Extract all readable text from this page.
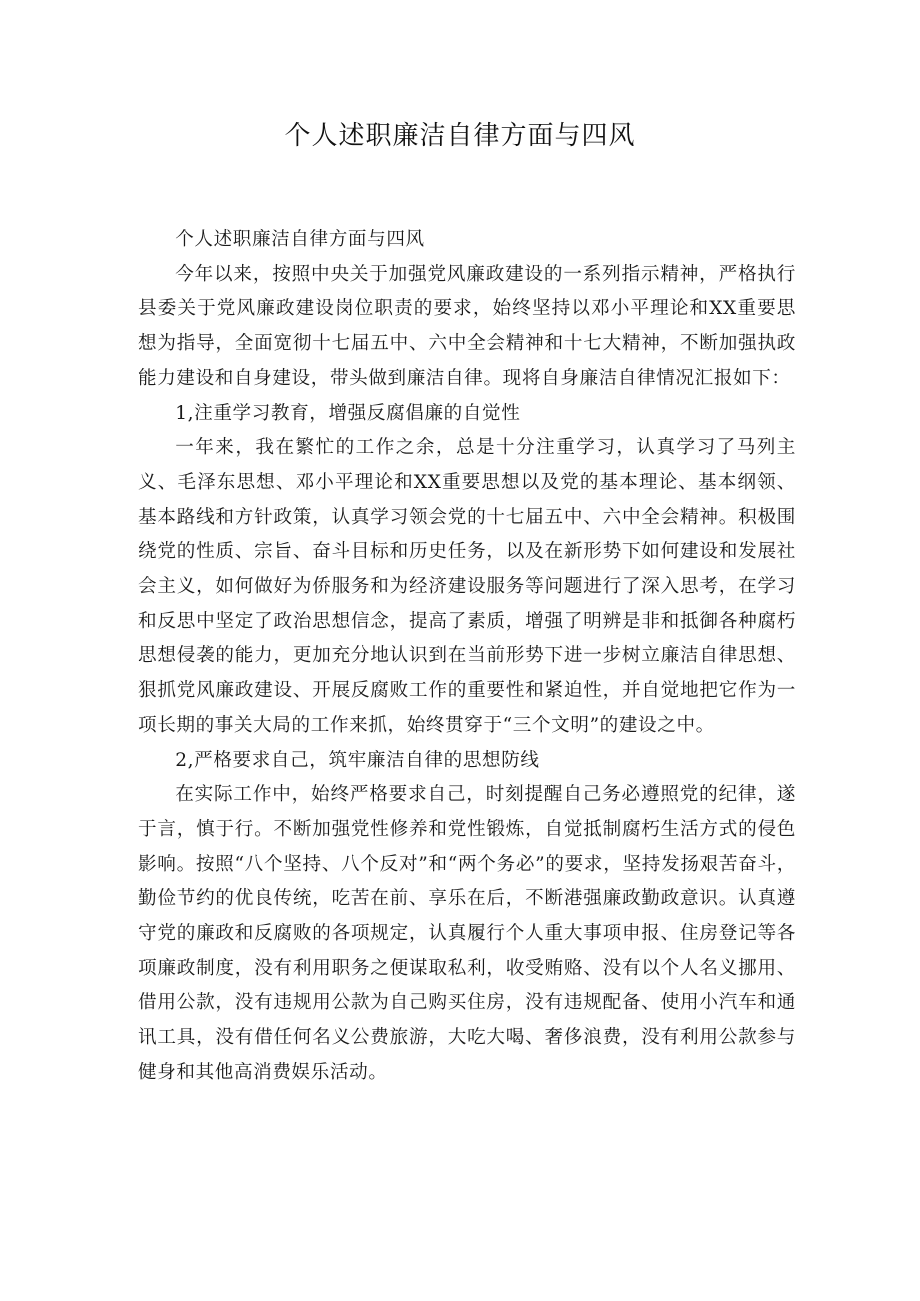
个人述职廉洁自律方面与四风

个人述职廉洁自律方面与四风

今年以来，按照中央关于加强党风廉政建设的一系列指示精神，严格执行县委关于党风廉政建设岗位职责的要求，始终坚持以邓小平理论和XX重要思想为指导，全面宽彻十七届五中、六中全会精神和十七大精神，不断加强执政能力建设和自身建设，带头做到廉洁自律。现将自身廉洁自律情况汇报如下：

1,注重学习教育，增强反腐倡廉的自觉性

一年来，我在繁忙的工作之余，总是十分注重学习，认真学习了马列主义、毛泽东思想、邓小平理论和XX重要思想以及党的基本理论、基本纲领、基本路线和方针政策，认真学习领会党的十七届五中、六中全会精神。积极围绕党的性质、宗旨、奋斗目标和历史任务，以及在新形势下如何建设和发展社会主义，如何做好为侨服务和为经济建设服务等问题进行了深入思考，在学习和反思中坚定了政治思想信念，提高了素质，增强了明辨是非和抵御各种腐朽思想侵袭的能力，更加充分地认识到在当前形势下进一步树立廉洁自律思想、狠抓党风廉政建设、开展反腐败工作的重要性和紧迫性，并自觉地把它作为一项长期的事关大局的工作来抓，始终贯穿于“三个文明”的建设之中。

2,严格要求自己，筑牢廉洁自律的思想防线

在实际工作中，始终严格要求自己，时刻提醒自己务必遵照党的纪律，遂于言，慎于行。不断加强党性修养和党性锻炼，自觉抵制腐朽生活方式的侵色影响。按照“八个坚持、八个反对”和“两个务必”的要求，坚持发扬艰苦奋斗，勤俭节约的优良传统，吃苦在前、享乐在后，不断港强廉政勤政意识。认真遵守党的廉政和反腐败的各项规定，认真履行个人重大事项申报、住房登记等各项廉政制度，没有利用职务之便谋取私利，收受贿赂、没有以个人名义挪用、借用公款，没有违规用公款为自己购买住房，没有违规配备、使用小汽车和通讯工具，没有借任何名义公费旅游，大吃大喝、奢侈浪费，没有利用公款参与健身和其他高消费娱乐活动。
